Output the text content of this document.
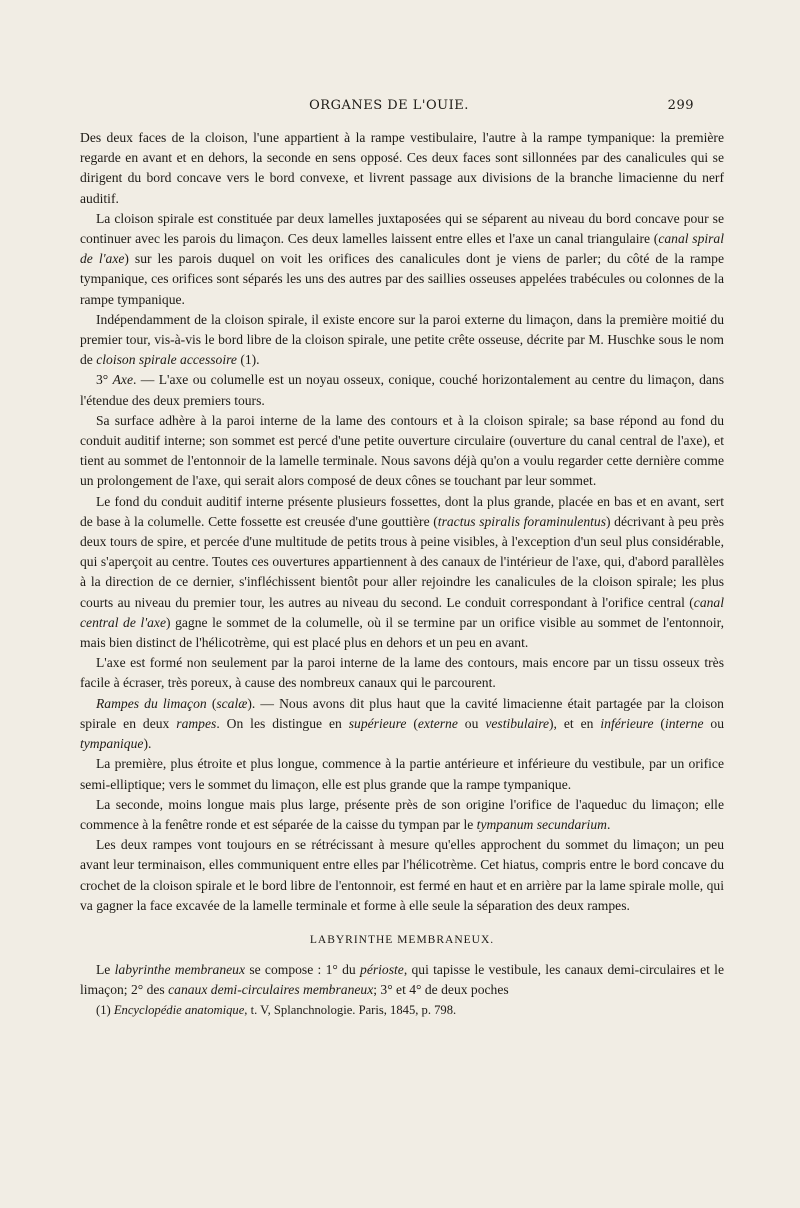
ORGANES DE L'OUIE.	299

Des deux faces de la cloison, l'une appartient à la rampe vestibulaire, l'autre à la rampe tympanique: la première regarde en avant et en dehors, la seconde en sens opposé. Ces deux faces sont sillonnées par des canalicules qui se dirigent du bord concave vers le bord convexe, et livrent passage aux divisions de la branche limacienne du nerf auditif.

La cloison spirale est constituée par deux lamelles juxtaposées qui se séparent au niveau du bord concave pour se continuer avec les parois du limaçon. Ces deux lamelles laissent entre elles et l'axe un canal triangulaire (canal spiral de l'axe) sur les parois duquel on voit les orifices des canalicules dont je viens de parler; du côté de la rampe tympanique, ces orifices sont séparés les uns des autres par des saillies osseuses appelées trabécules ou colonnes de la rampe tympanique.

Indépendamment de la cloison spirale, il existe encore sur la paroi externe du limaçon, dans la première moitié du premier tour, vis-à-vis le bord libre de la cloison spirale, une petite crête osseuse, décrite par M. Huschke sous le nom de cloison spirale accessoire (1).

3° Axe. — L'axe ou columelle est un noyau osseux, conique, couché horizontalement au centre du limaçon, dans l'étendue des deux premiers tours.

Sa surface adhère à la paroi interne de la lame des contours et à la cloison spirale; sa base répond au fond du conduit auditif interne; son sommet est percé d'une petite ouverture circulaire (ouverture du canal central de l'axe), et tient au sommet de l'entonnoir de la lamelle terminale. Nous savons déjà qu'on a voulu regarder cette dernière comme un prolongement de l'axe, qui serait alors composé de deux cônes se touchant par leur sommet.

Le fond du conduit auditif interne présente plusieurs fossettes, dont la plus grande, placée en bas et en avant, sert de base à la columelle. Cette fossette est creusée d'une gouttière (tractus spiralis foraminulentus) décrivant à peu près deux tours de spire, et percée d'une multitude de petits trous à peine visibles, à l'exception d'un seul plus considérable, qui s'aperçoit au centre. Toutes ces ouvertures appartiennent à des canaux de l'intérieur de l'axe, qui, d'abord parallèles à la direction de ce dernier, s'infléchissent bientôt pour aller rejoindre les canalicules de la cloison spirale; les plus courts au niveau du premier tour, les autres au niveau du second. Le conduit correspondant à l'orifice central (canal central de l'axe) gagne le sommet de la columelle, où il se termine par un orifice visible au sommet de l'entonnoir, mais bien distinct de l'hélicotrème, qui est placé plus en dehors et un peu en avant.

L'axe est formé non seulement par la paroi interne de la lame des contours, mais encore par un tissu osseux très facile à écraser, très poreux, à cause des nombreux canaux qui le parcourent.

Rampes du limaçon (scalæ). — Nous avons dit plus haut que la cavité limacienne était partagée par la cloison spirale en deux rampes. On les distingue en supérieure (externe ou vestibulaire), et en inférieure (interne ou tympanique).

La première, plus étroite et plus longue, commence à la partie antérieure et inférieure du vestibule, par un orifice semi-elliptique; vers le sommet du limaçon, elle est plus grande que la rampe tympanique.

La seconde, moins longue mais plus large, présente près de son origine l'orifice de l'aqueduc du limaçon; elle commence à la fenêtre ronde et est séparée de la caisse du tympan par le tympanum secundarium.

Les deux rampes vont toujours en se rétrécissant à mesure qu'elles approchent du sommet du limaçon; un peu avant leur terminaison, elles communiquent entre elles par l'hélicotrème. Cet hiatus, compris entre le bord concave du crochet de la cloison spirale et le bord libre de l'entonnoir, est fermé en haut et en arrière par la lame spirale molle, qui va gagner la face excavée de la lamelle terminale et forme à elle seule la séparation des deux rampes.

LABYRINTHE MEMBRANEUX.

Le labyrinthe membraneux se compose : 1° du périoste, qui tapisse le vestibule, les canaux demi-circulaires et le limaçon; 2° des canaux demi-circulaires membraneux; 3° et 4° de deux poches

(1) Encyclopédie anatomique, t. V, Splanchnologie. Paris, 1845, p. 798.
